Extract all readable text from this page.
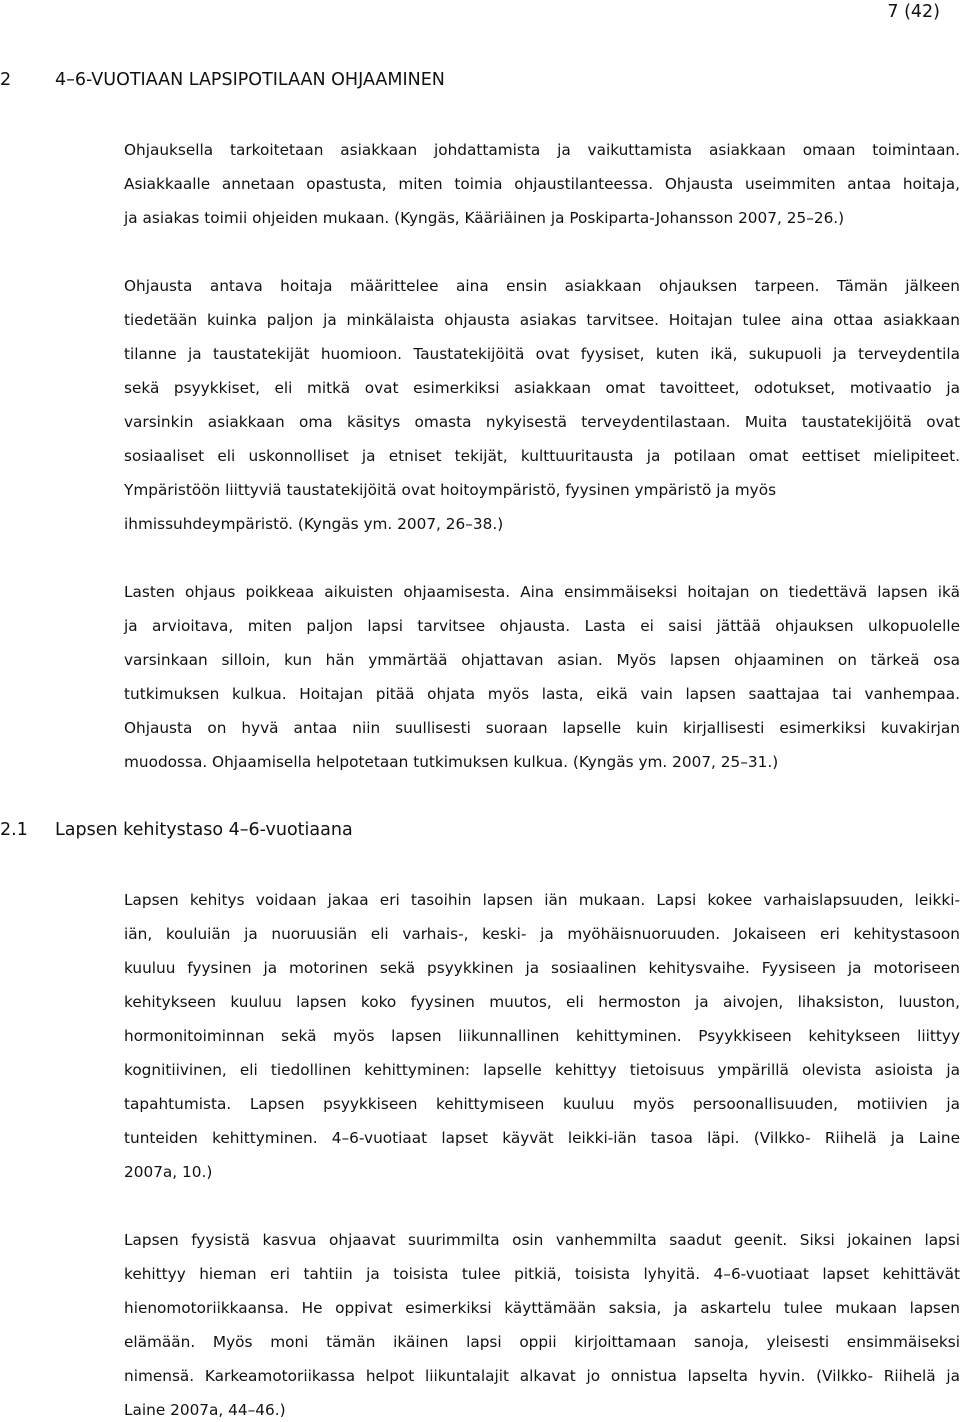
7 (42)
2	4–6-VUOTIAAN LAPSIPOTILAAN OHJAAMINEN
Ohjauksella tarkoitetaan asiakkaan johdattamista ja vaikuttamista asiakkaan omaan toimintaan.
Asiakkaalle annetaan opastusta, miten toimia ohjaustilanteessa. Ohjausta useimmiten antaa hoitaja,
ja asiakas toimii ohjeiden mukaan. (Kyngäs, Kääriäinen ja Poskiparta-Johansson 2007, 25–26.)
Ohjausta antava hoitaja määrittelee aina ensin asiakkaan ohjauksen tarpeen. Tämän jälkeen
tiedetään kuinka paljon ja minkälaista ohjausta asiakas tarvitsee. Hoitajan tulee aina ottaa asiakkaan
tilanne ja taustatekijät huomioon. Taustatekijöitä ovat fyysiset, kuten ikä, sukupuoli ja terveydentila
sekä psyykkiset, eli mitkä ovat esimerkiksi asiakkaan omat tavoitteet, odotukset, motivaatio ja
varsinkin asiakkaan oma käsitys omasta nykyisestä terveydentilastaan. Muita taustatekijöitä ovat
sosiaaliset eli uskonnolliset ja etniset tekijät, kulttuuritausta ja potilaan omat eettiset mielipiteet.
Ympäristöön liittyviä taustatekijöitä ovat hoitoympäristö, fyysinen ympäristö ja myös
ihmissuhdeympäristö. (Kyngäs ym. 2007, 26–38.)
Lasten ohjaus poikkeaa aikuisten ohjaamisesta. Aina ensimmäiseksi hoitajan on tiedettävä lapsen ikä
ja arvioitava, miten paljon lapsi tarvitsee ohjausta. Lasta ei saisi jättää ohjauksen ulkopuolelle
varsinkaan silloin, kun hän ymmärtää ohjattavan asian. Myös lapsen ohjaaminen on tärkeä osa
tutkimuksen kulkua. Hoitajan pitää ohjata myös lasta, eikä vain lapsen saattajaa tai vanhempaa.
Ohjausta on hyvä antaa niin suullisesti suoraan lapselle kuin kirjallisesti esimerkiksi kuvakirjan
muodossa. Ohjaamisella helpotetaan tutkimuksen kulkua. (Kyngäs ym. 2007, 25–31.)
2.1 Lapsen kehitystaso 4–6-vuotiaana
Lapsen kehitys voidaan jakaa eri tasoihin lapsen iän mukaan. Lapsi kokee varhaislapsuuden, leikki-
iän, kouluiän ja nuoruusiän eli varhais-, keski- ja myöhäisnuoruuden. Jokaiseen eri kehitystasoon
kuuluu fyysinen ja motorinen sekä psyykkinen ja sosiaalinen kehitysvaihe. Fyysiseen ja motoriseen
kehitykseen kuuluu lapsen koko fyysinen muutos, eli hermoston ja aivojen, lihaksiston, luuston,
hormonitoiminnan sekä myös lapsen liikunnallinen kehittyminen. Psyykkiseen kehitykseen liittyy
kognitiivinen, eli tiedollinen kehittyminen: lapselle kehittyy tietoisuus ympärillä olevista asioista ja
tapahtumista. Lapsen psyykkiseen kehittymiseen kuuluu myös persoonallisuuden, motiivien ja
tunteiden kehittyminen. 4–6-vuotiaat lapset käyvät leikki-iän tasoa läpi. (Vilkko- Riihelä ja Laine
2007a, 10.)
Lapsen fyysistä kasvua ohjaavat suurimmilta osin vanhemmilta saadut geenit. Siksi jokainen lapsi
kehittyy hieman eri tahtiin ja toisista tulee pitkiä, toisista lyhyitä. 4–6-vuotiaat lapset kehittävät
hienomotoriikkaansa. He oppivat esimerkiksi käyttämään saksia, ja askartelu tulee mukaan lapsen
elämään. Myös moni tämän ikäinen lapsi oppii kirjoittamaan sanoja, yleisesti ensimmäiseksi
nimensä. Karkeamotoriikassa helpot liikuntalajit alkavat jo onnistua lapselta hyvin. (Vilkko- Riihelä ja
Laine 2007a, 44–46.)
